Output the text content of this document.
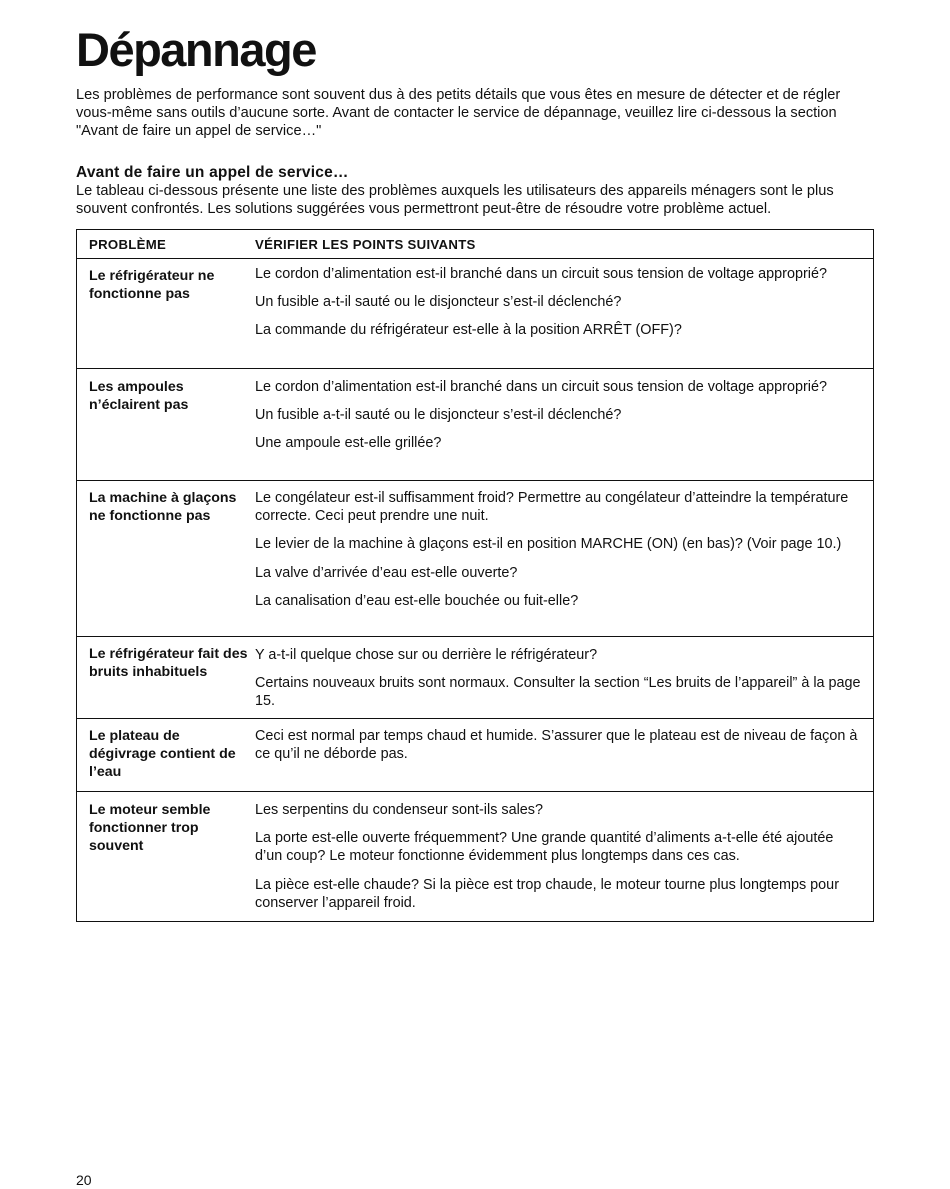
Dépannage

Les problèmes de performance sont souvent dus à des petits détails que vous êtes en mesure de détecter et de régler vous-même sans outils d’aucune sorte. Avant de contacter le service de dépannage, veuillez lire ci-dessous la section "Avant de faire un appel de service…"

Avant de faire un appel de service…

Le tableau ci-dessous présente une liste des problèmes auxquels les utilisateurs des appareils ménagers sont le plus souvent confrontés. Les solutions suggérées vous permettront peut-être de résoudre votre problème actuel.

PROBLÈME	VÉRIFIER LES POINTS SUIVANTS
Le réfrigérateur ne fonctionne pas

Le cordon d’alimentation est-il branché dans un circuit sous tension de voltage approprié?

Un fusible a-t-il sauté ou le disjoncteur s’est-il déclenché?

La commande du réfrigérateur est-elle à la position ARRÊT (OFF)?

Les ampoules n’éclairent pas

Le cordon d’alimentation est-il branché dans un circuit sous tension de voltage approprié?

Un fusible a-t-il sauté ou le disjoncteur s’est-il déclenché?

Une ampoule est-elle grillée?

La machine à glaçons ne fonctionne pas

Le congélateur est-il suffisamment froid? Permettre au congélateur d’atteindre la température correcte. Ceci peut prendre une nuit.

Le levier de la machine à glaçons est-il en position MARCHE (ON) (en bas)? (Voir page 10.)

La valve d’arrivée d’eau est-elle ouverte?

La canalisation d’eau est-elle bouchée ou fuit-elle?

Le réfrigérateur fait des bruits inhabituels

Y a-t-il quelque chose sur ou derrière le réfrigérateur?

Certains nouveaux bruits sont normaux. Consulter la section “Les bruits de l’appareil” à la page 15.

Le plateau de dégivrage contient de l’eau

Ceci est normal par temps chaud et humide. S’assurer que le plateau est de niveau de façon à ce qu’il ne déborde pas.

Le moteur semble fonctionner trop souvent

Les serpentins du condenseur sont-ils sales?

La porte est-elle ouverte fréquemment? Une grande quantité d’aliments a-t-elle été ajoutée d’un coup? Le moteur fonctionne évidemment plus longtemps dans ces cas.

La pièce est-elle chaude? Si la pièce est trop chaude, le moteur tourne plus longtemps pour conserver l’appareil froid.

20
